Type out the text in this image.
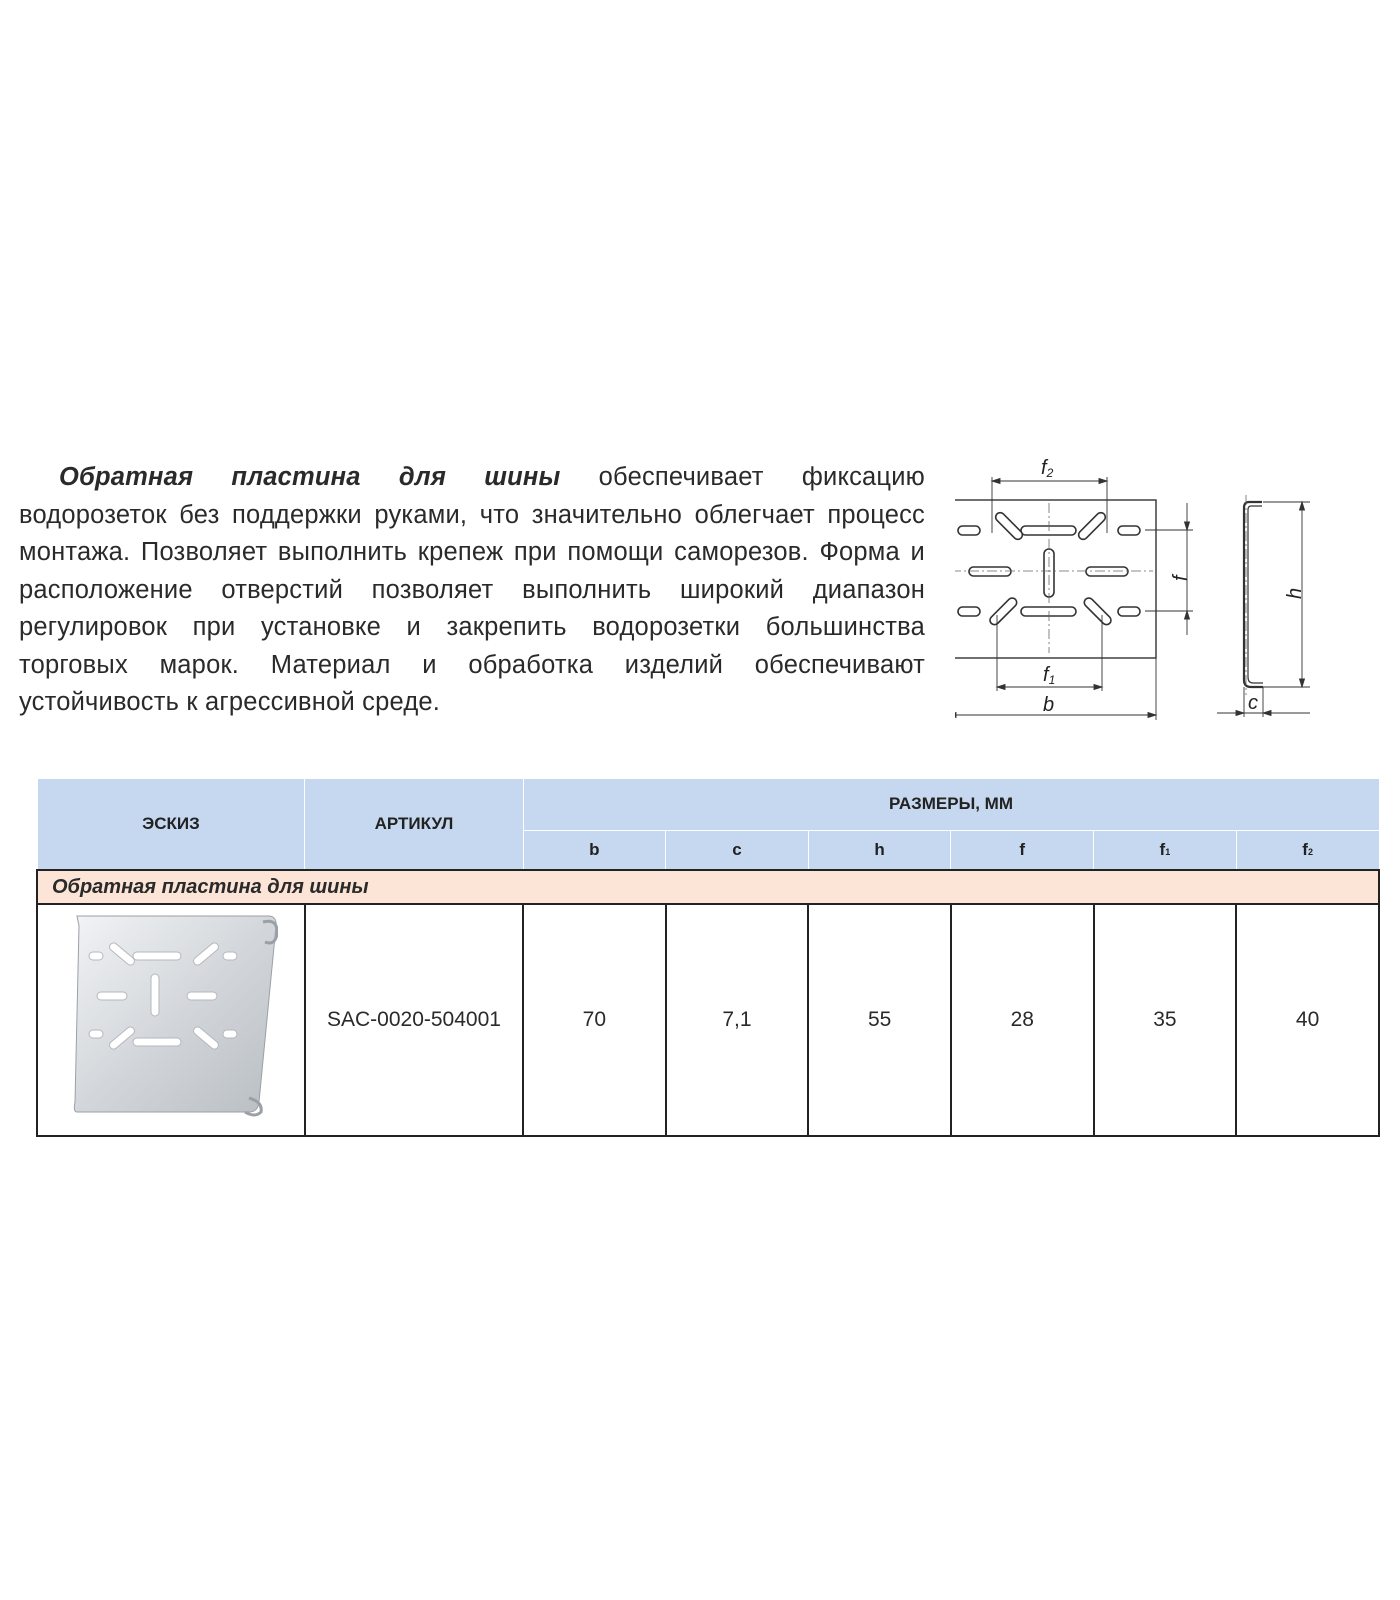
Обратная пластина для шины обеспечивает фиксацию водорозеток без поддержки руками, что значительно облегчает процесс монтажа. Позволяет выполнить крепеж при помощи саморезов. Форма и расположение отверстий позволяет выполнить широкий диапазон регулировок при установке и закрепить водорозетки большинства торговых марок. Материал и обработка изделий обеспечивают устойчивость к агрессивной среде.
f2
f1
b
f
h
c
ЭСКИЗ	АРТИКУЛ	РАЗМЕРЫ, ММ					
		b	c	h	f	f1	f2
Обратная пластина для шины							
	SAC-0020-504001	70	7,1	55	28	35	40
